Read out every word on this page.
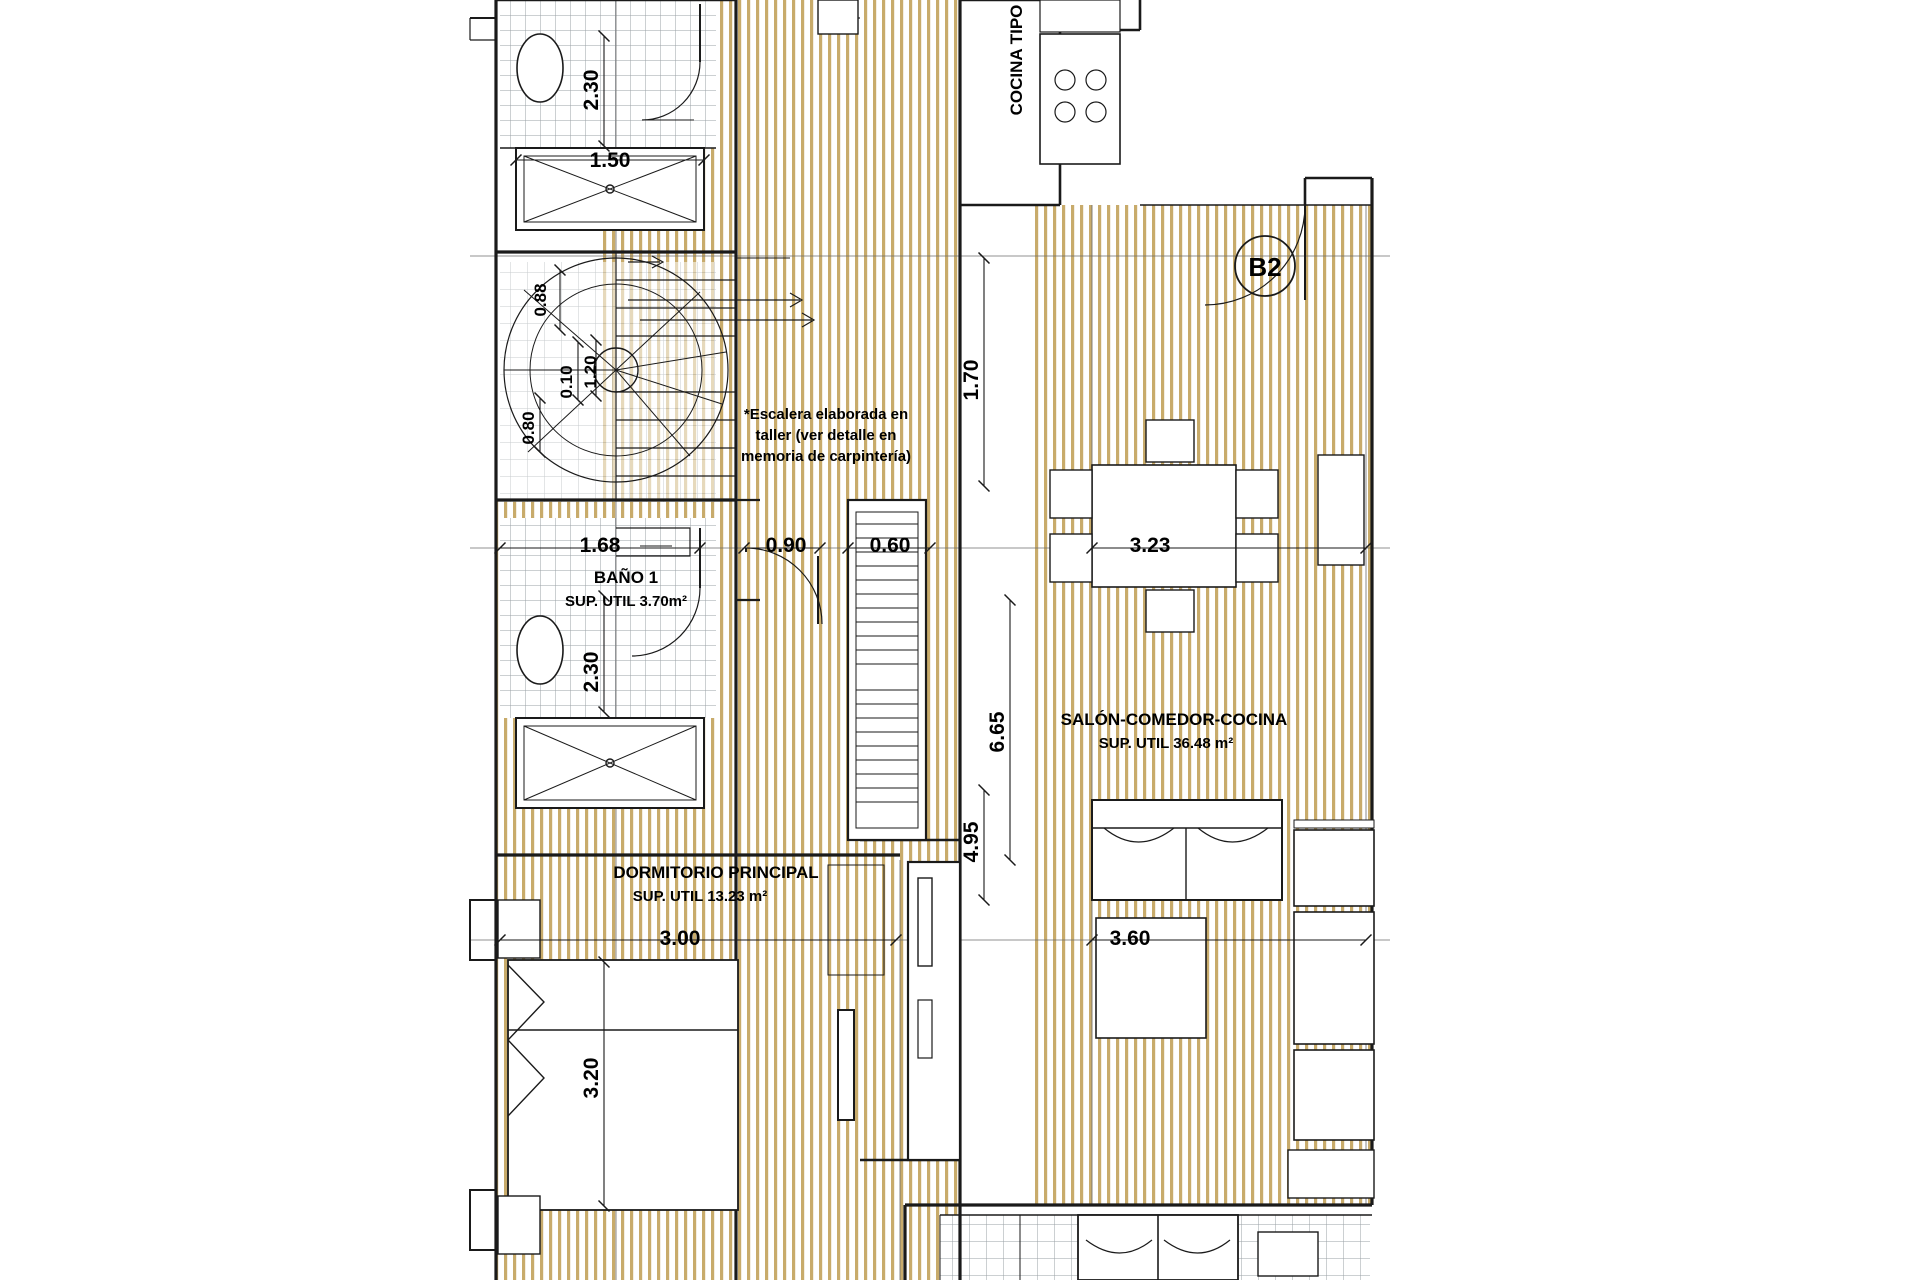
2.30
1.50
0.88
0.10
0.80
1.20
*Escalera elaborada en
taller (ver detalle en
memoria de carpintería)
1.68
BAÑO 1
SUP. UTIL 3.70m²
2.30
0.90	0.60
DORMITORIO PRINCIPAL
SUP. UTIL 13.23 m²
3.00
3.20
COCINA TIPO
B2
3.23
SALÓN-COMEDOR-COCINA
SUP. UTIL 36.48 m²
3.60
1.70
6.65
4.95
